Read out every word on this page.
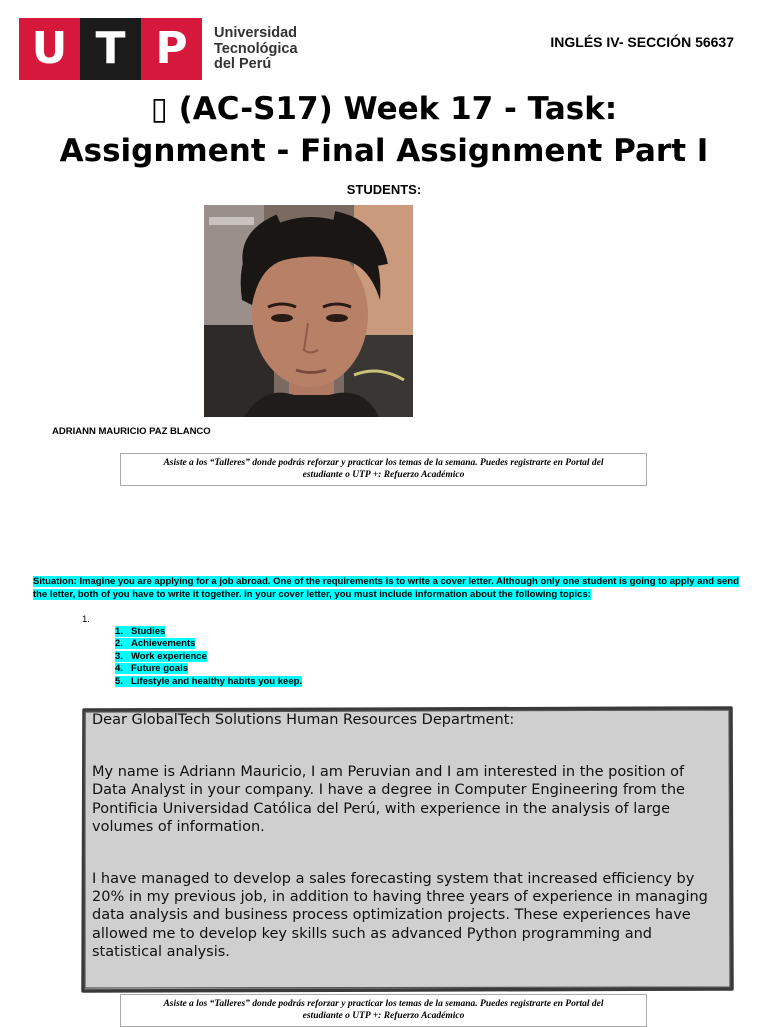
U T P	Universidad
Tecnológica
del Perú
INGLÉS IV- SECCIÓN 56637
▯ (AC-S17) Week 17 - Task:
Assignment - Final Assignment Part I
STUDENTS:
ADRIANN MAURICIO PAZ BLANCO
Asiste a los “Talleres” donde podrás reforzar y practicar los temas de la semana. Puedes registrarte en Portal del
estudiante o UTP +: Refuerzo Académico
Situation: Imagine you are applying for a job abroad. One of the requirements is to write a cover letter. Although only one student is going to apply and send the letter, both of you have to write it together. In your cover letter, you must include information about the following topics:
1.
1. Studies
2. Achievements
3. Work experience
4. Future goals
5. Lifestyle and healthy habits you keep.

Dear GlobalTech Solutions Human Resources Department:

My name is Adriann Mauricio, I am Peruvian and I am interested in the position of Data Analyst in your company. I have a degree in Computer Engineering from the Pontificia Universidad Católica del Perú, with experience in the analysis of large volumes of information.

I have managed to develop a sales forecasting system that increased efficiency by 20% in my previous job, in addition to having three years of experience in managing data analysis and business process optimization projects. These experiences have allowed me to develop key skills such as advanced Python programming and statistical analysis.

Asiste a los “Talleres” donde podrás reforzar y practicar los temas de la semana. Puedes registrarte en Portal del
estudiante o UTP +: Refuerzo Académico
